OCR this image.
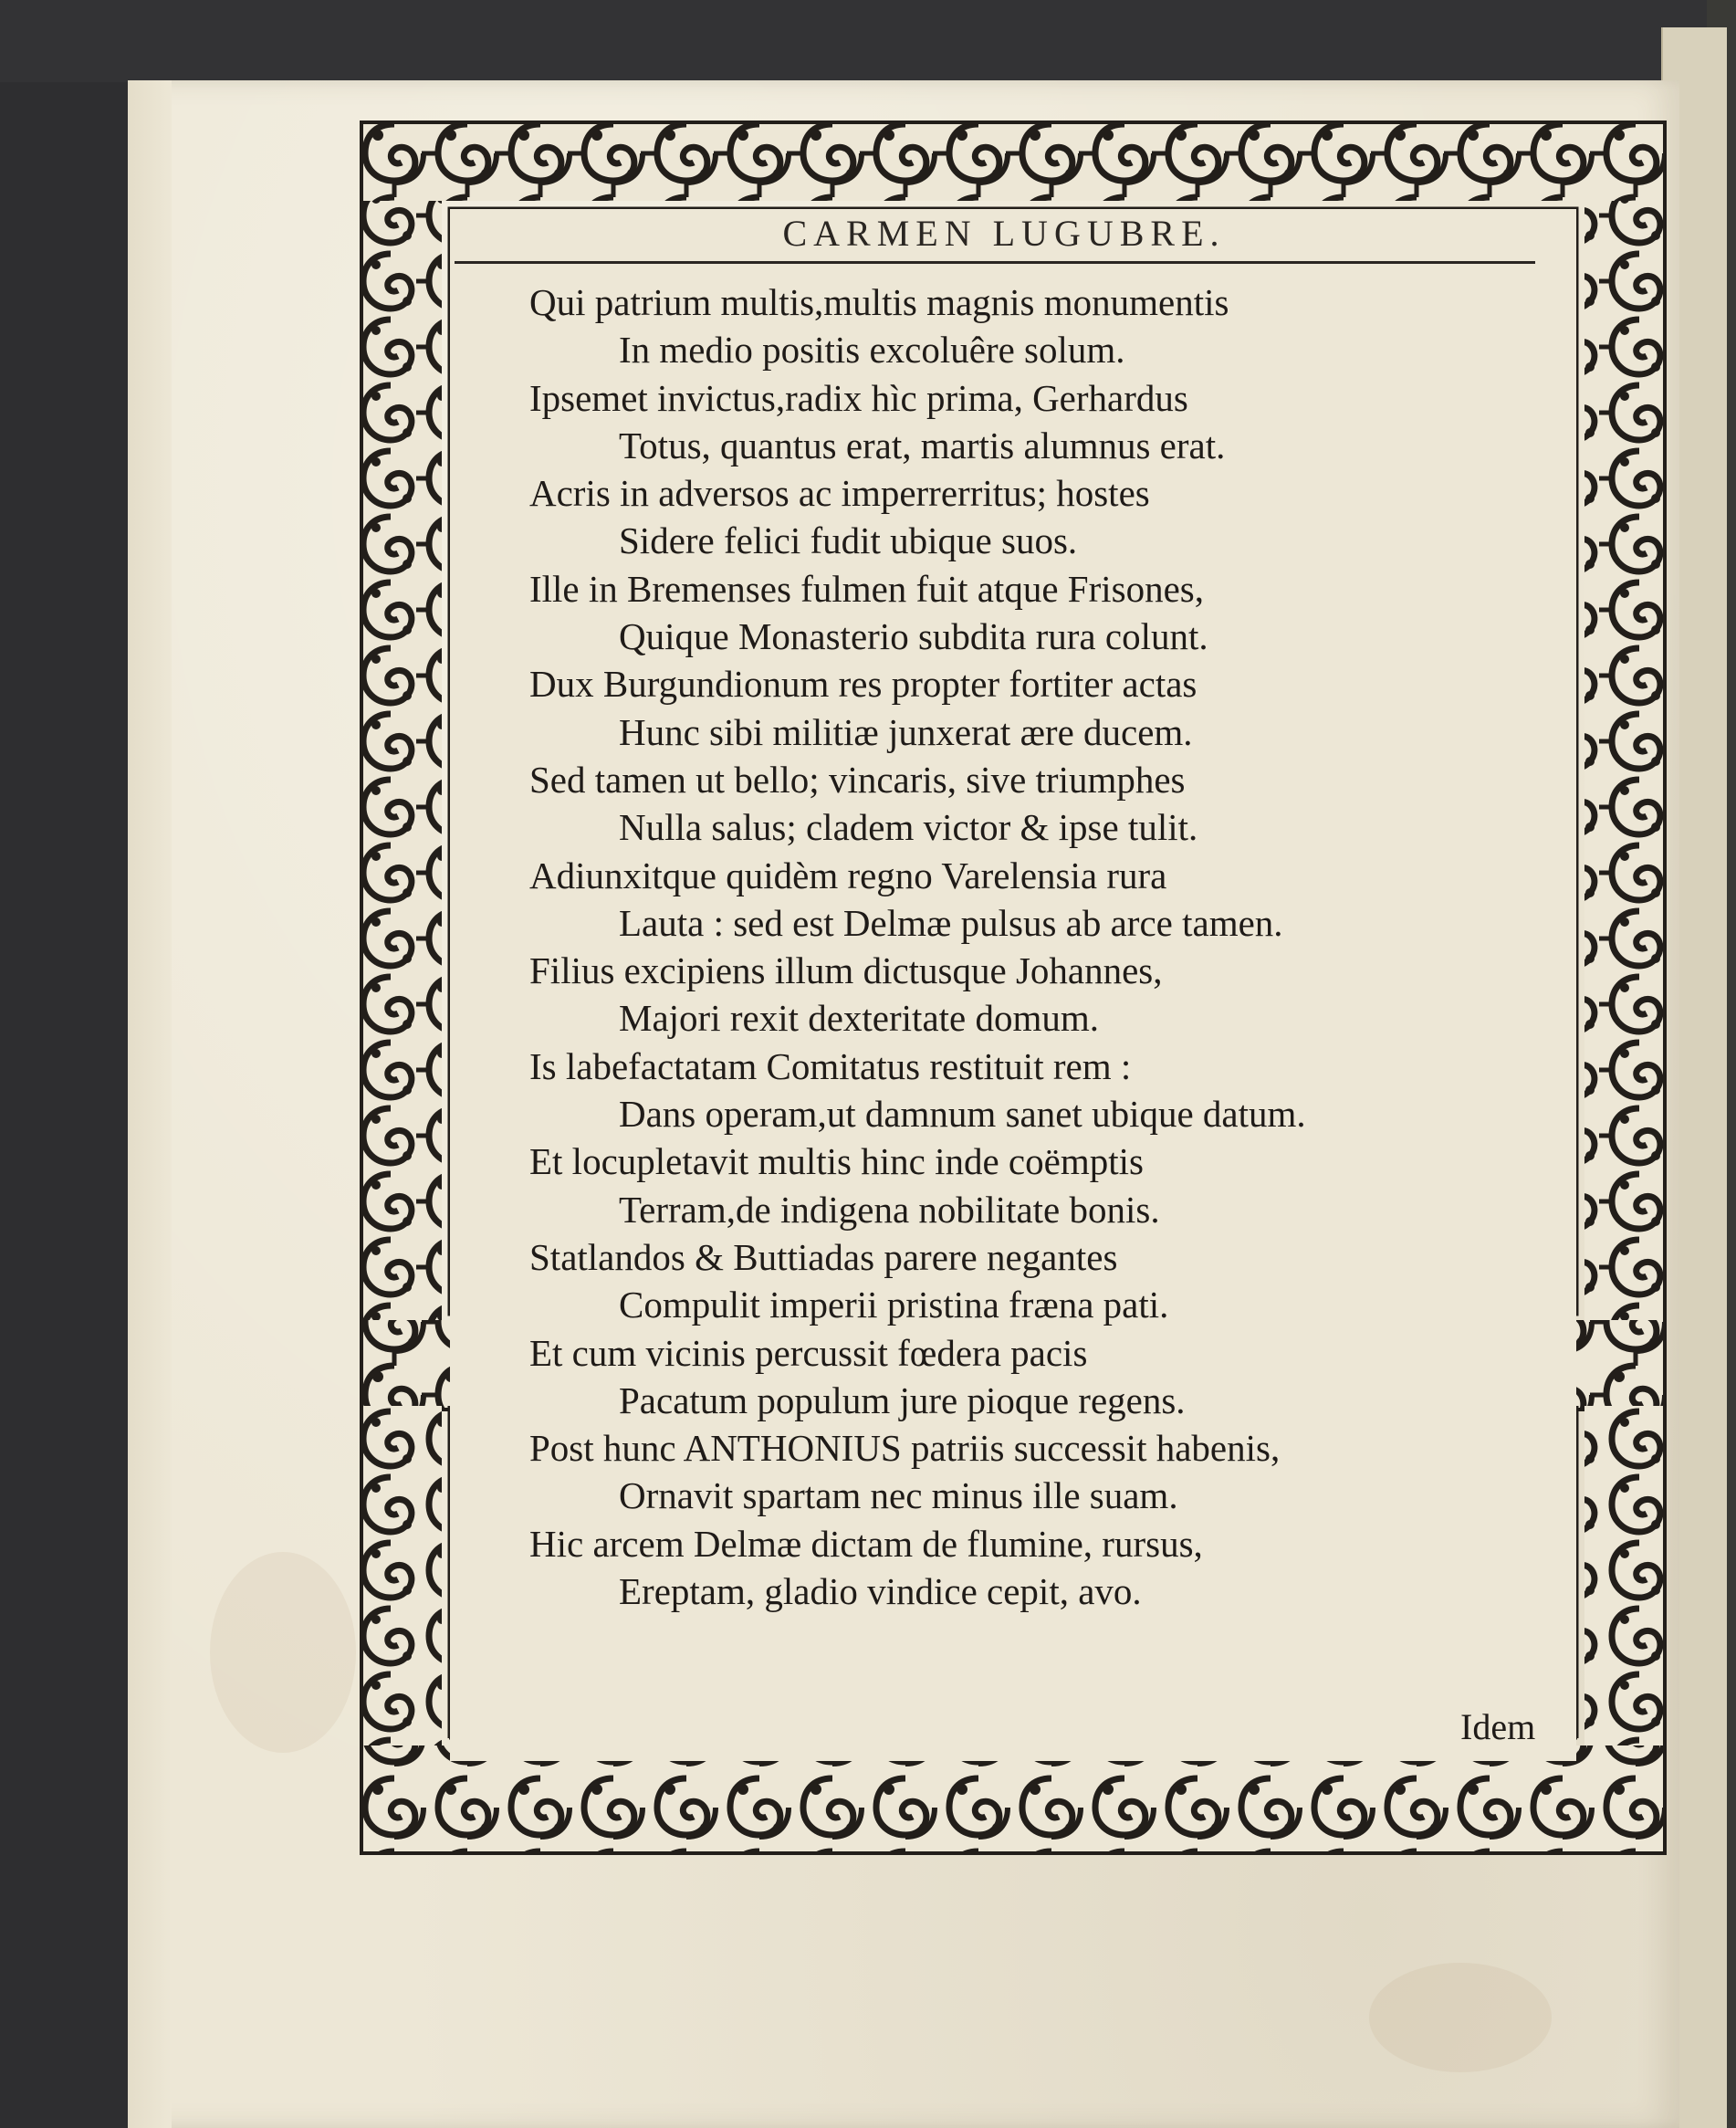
CARMEN LUGUBRE.
Qui patrium multis,multis magnis monumentis
In medio positis excoluêre solum.
Ipsemet invictus,radix hìc prima, Gerhardus
Totus, quantus erat, martis alumnus erat.
Acris in adversos ac imperrerritus; hostes
Sidere felici fudit ubique suos.
Ille in Bremenses fulmen fuit atque Frisones,
Quique Monasterio subdita rura colunt.
Dux Burgundionum res propter fortiter actas
Hunc sibi militiæ junxerat ære ducem.
Sed tamen ut bello; vincaris, sive triumphes
Nulla salus; cladem victor & ipse tulit.
Adiunxitque quidèm regno Varelensia rura
Lauta : sed est Delmæ pulsus ab arce tamen.
Filius excipiens illum dictusque Johannes,
Majori rexit dexteritate domum.
Is labefactatam Comitatus restituit rem :
Dans operam,ut damnum sanet ubique datum.
Et locupletavit multis hinc inde coëmptis
Terram,de indigena nobilitate bonis.
Statlandos & Buttiadas parere negantes
Compulit imperii pristina fræna pati.
Et cum vicinis percussit fœdera pacis
Pacatum populum jure pioque regens.
Post hunc ANTHONIUS patriis successit habenis,
Ornavit spartam nec minus ille suam.
Hic arcem Delmæ dictam de flumine, rursus,
Ereptam, gladio vindice cepit, avo.
Idem
